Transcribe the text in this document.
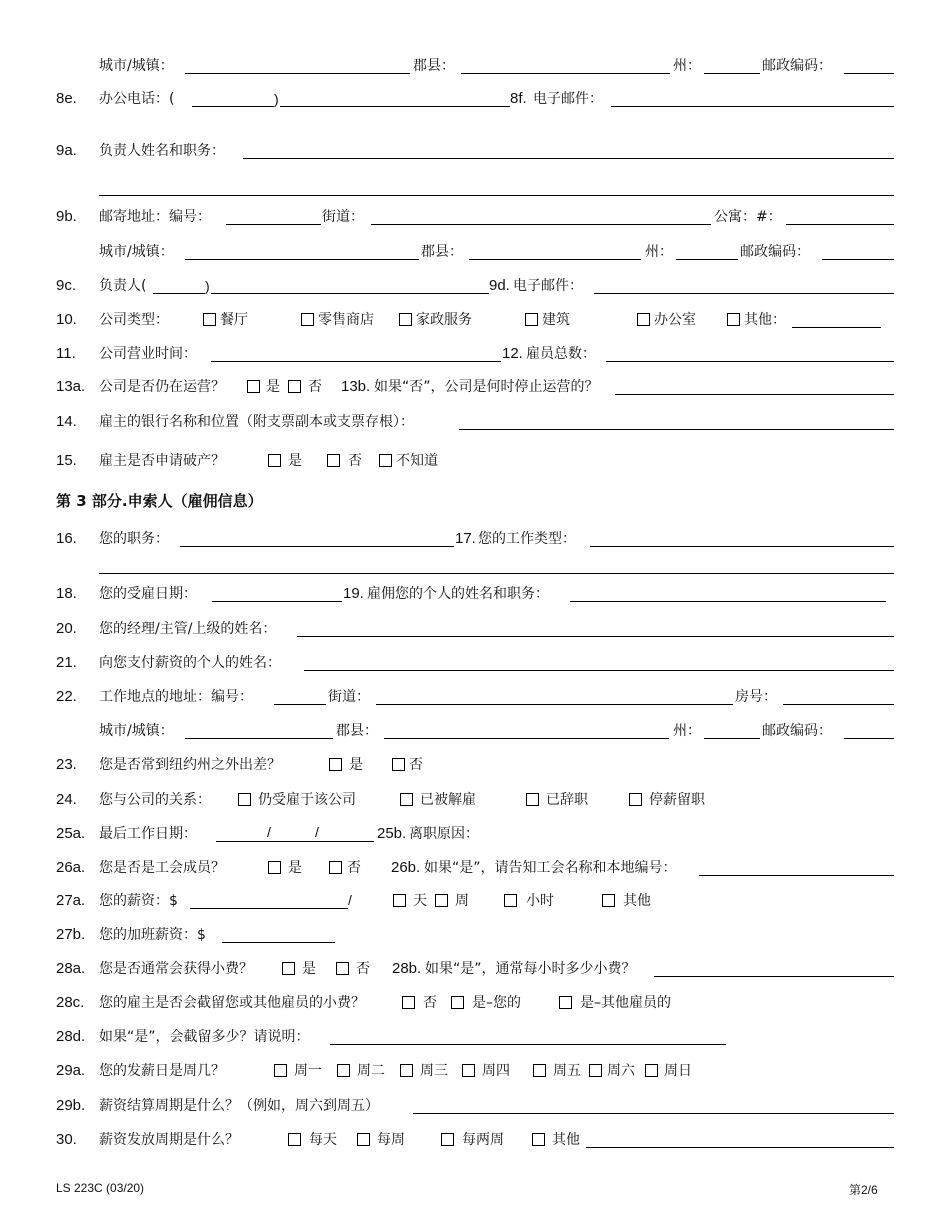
城市/城镇：	郡县：	州：	邮政编码：
8e. 办公电话：(	)	8f. 电子邮件：
9a. 负责人姓名和职务：
9b. 邮寄地址：编号：	街道：	公寓：#：
城市/城镇：	郡县：	州：	邮政编码：
9c. 负责人(	)	9d. 电子邮件：
10. 公司类型：	餐厅	零售商店	家政服务	建筑	办公室	其他：
11. 公司营业时间：	12. 雇员总数：
13a. 公司是否仍在运营？	是 否 13b. 如果“否”，公司是何时停止运营的？
14. 雇主的银行名称和位置（附支票副本或支票存根）：
15. 雇主是否申请破产？	是	否 不知道
第 3 部分.申索人（雇佣信息）
16. 您的职务：	17. 您的工作类型：
18. 您的受雇日期：	19. 雇佣您的个人的姓名和职务：
20. 您的经理/主管/上级的姓名：
21. 向您支付薪资的个人的姓名：
22. 工作地点的地址：编号：	街道：	房号：
城市/城镇：	郡县：	州：	邮政编码：
23. 您是否常到纽约州之外出差？	是	否
24. 您与公司的关系：	仍受雇于该公司	已被解雇	已辞职	停薪留职
25a. 最后工作日期：	/	/	25b. 离职原因：
26a. 您是否是工会成员？	是	否 26b. 如果“是”，请告知工会名称和本地编号：
27a. 您的薪资：$	/	天 周	小时	其他
27b. 您的加班薪资：$
28a. 您是否通常会获得小费？	是	否 28b. 如果“是”，通常每小时多少小费？
28c. 您的雇主是否会截留您或其他雇员的小费？	否	是–您的	是–其他雇员的
28d. 如果“是”，会截留多少？请说明：
29a. 您的发薪日是周几？	周一	周二	周三 周四	周五 周六 周日
29b. 薪资结算周期是什么？（例如，周六到周五）
30. 薪资发放周期是什么？	每天	每周	每两周	其他
LS 223C (03/20)	第2/6
